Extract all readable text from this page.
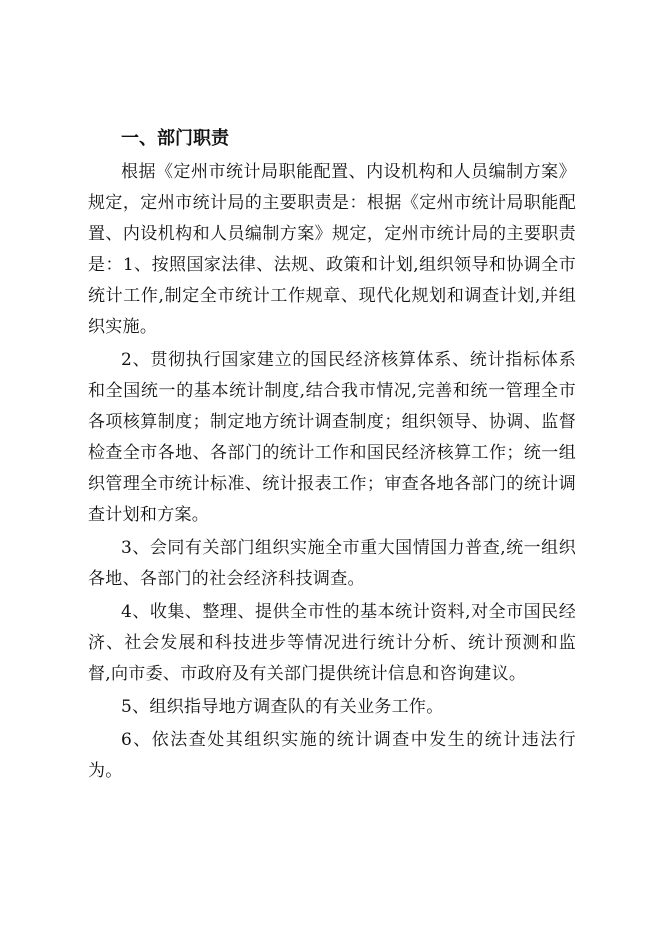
一、部门职责

根据《定州市统计局职能配置、内设机构和人员编制方案》规定，定州市统计局的主要职责是：根据《定州市统计局职能配置、内设机构和人员编制方案》规定，定州市统计局的主要职责是：1、按照国家法律、法规、政策和计划,组织领导和协调全市统计工作,制定全市统计工作规章、现代化规划和调查计划,并组织实施。

2、贯彻执行国家建立的国民经济核算体系、统计指标体系和全国统一的基本统计制度,结合我市情况,完善和统一管理全市各项核算制度；制定地方统计调查制度；组织领导、协调、监督检查全市各地、各部门的统计工作和国民经济核算工作；统一组织管理全市统计标准、统计报表工作；审查各地各部门的统计调查计划和方案。

3、会同有关部门组织实施全市重大国情国力普查,统一组织各地、各部门的社会经济科技调查。

4、收集、整理、提供全市性的基本统计资料,对全市国民经济、社会发展和科技进步等情况进行统计分析、统计预测和监督,向市委、市政府及有关部门提供统计信息和咨询建议。

5、组织指导地方调查队的有关业务工作。

6、依法查处其组织实施的统计调查中发生的统计违法行为。
